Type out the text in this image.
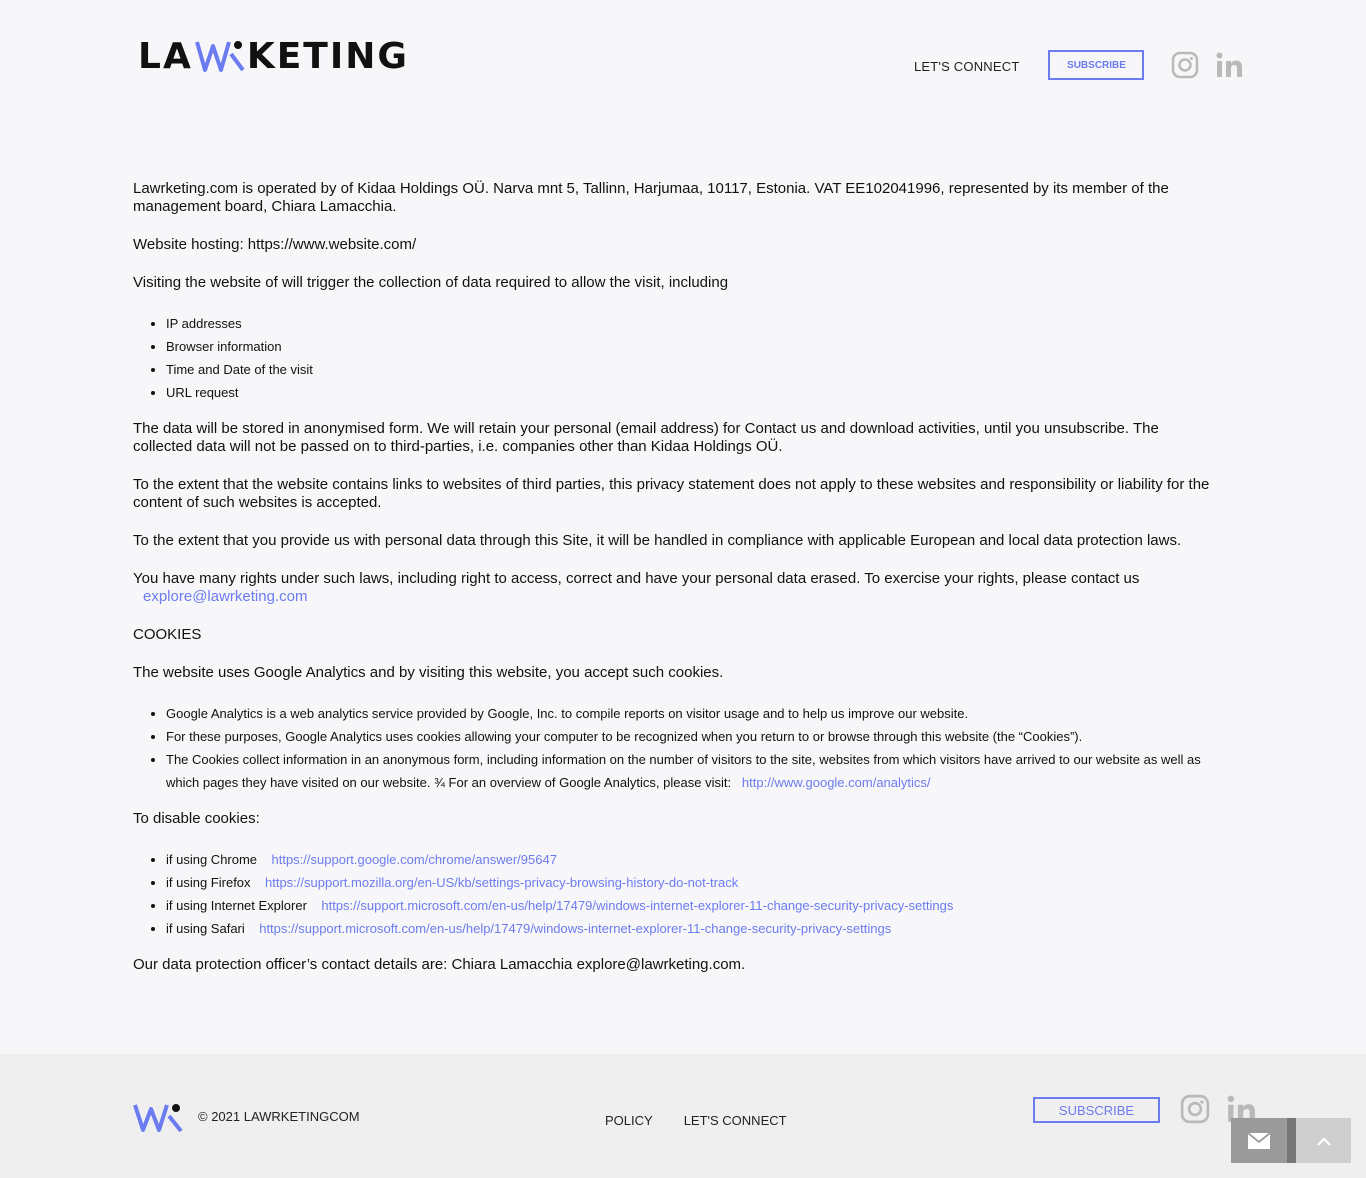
LA KETING	LET'S CONNECT	SUBSCRIBE

Lawrketing.com is operated by of Kidaa Holdings OÜ. Narva mnt 5, Tallinn, Harjumaa, 10117, Estonia. VAT EE102041996, represented by its member of the management board, Chiara Lamacchia.

Website hosting: https://www.website.com/

Visiting the website of will trigger the collection of data required to allow the visit, including

• IP addresses
• Browser information
• Time and Date of the visit
• URL request

The data will be stored in anonymised form. We will retain your personal (email address) for Contact us and download activities, until you unsubscribe. The collected data will not be passed on to third-parties, i.e. companies other than Kidaa Holdings OÜ.

To the extent that the website contains links to websites of third parties, this privacy statement does not apply to these websites and responsibility or liability for the content of such websites is accepted.

To the extent that you provide us with personal data through this Site, it will be handled in compliance with applicable European and local data protection laws.

You have many rights under such laws, including right to access, correct and have your personal data erased. To exercise your rights, please contact us
explore@lawrketing.com

COOKIES

The website uses Google Analytics and by visiting this website, you accept such cookies.

• Google Analytics is a web analytics service provided by Google, Inc. to compile reports on visitor usage and to help us improve our website.
• For these purposes, Google Analytics uses cookies allowing your computer to be recognized when you return to or browse through this website (the “Cookies”).
• The Cookies collect information in an anonymous form, including information on the number of visitors to the site, websites from which visitors have arrived to our website as well as which pages they have visited on our website. ¾ For an overview of Google Analytics, please visit: http://www.google.com/analytics/

To disable cookies:

• if using Chrome https://support.google.com/chrome/answer/95647
• if using Firefox https://support.mozilla.org/en-US/kb/settings-privacy-browsing-history-do-not-track
• if using Internet Explorer https://support.microsoft.com/en-us/help/17479/windows-internet-explorer-11-change-security-privacy-settings
• if using Safari https://support.microsoft.com/en-us/help/17479/windows-internet-explorer-11-change-security-privacy-settings

Our data protection officer’s contact details are: Chiara Lamacchia explore@lawrketing.com.

© 2021 LAWRKETINGCOM	POLICY LET'S CONNECT
SUBSCRIBE
